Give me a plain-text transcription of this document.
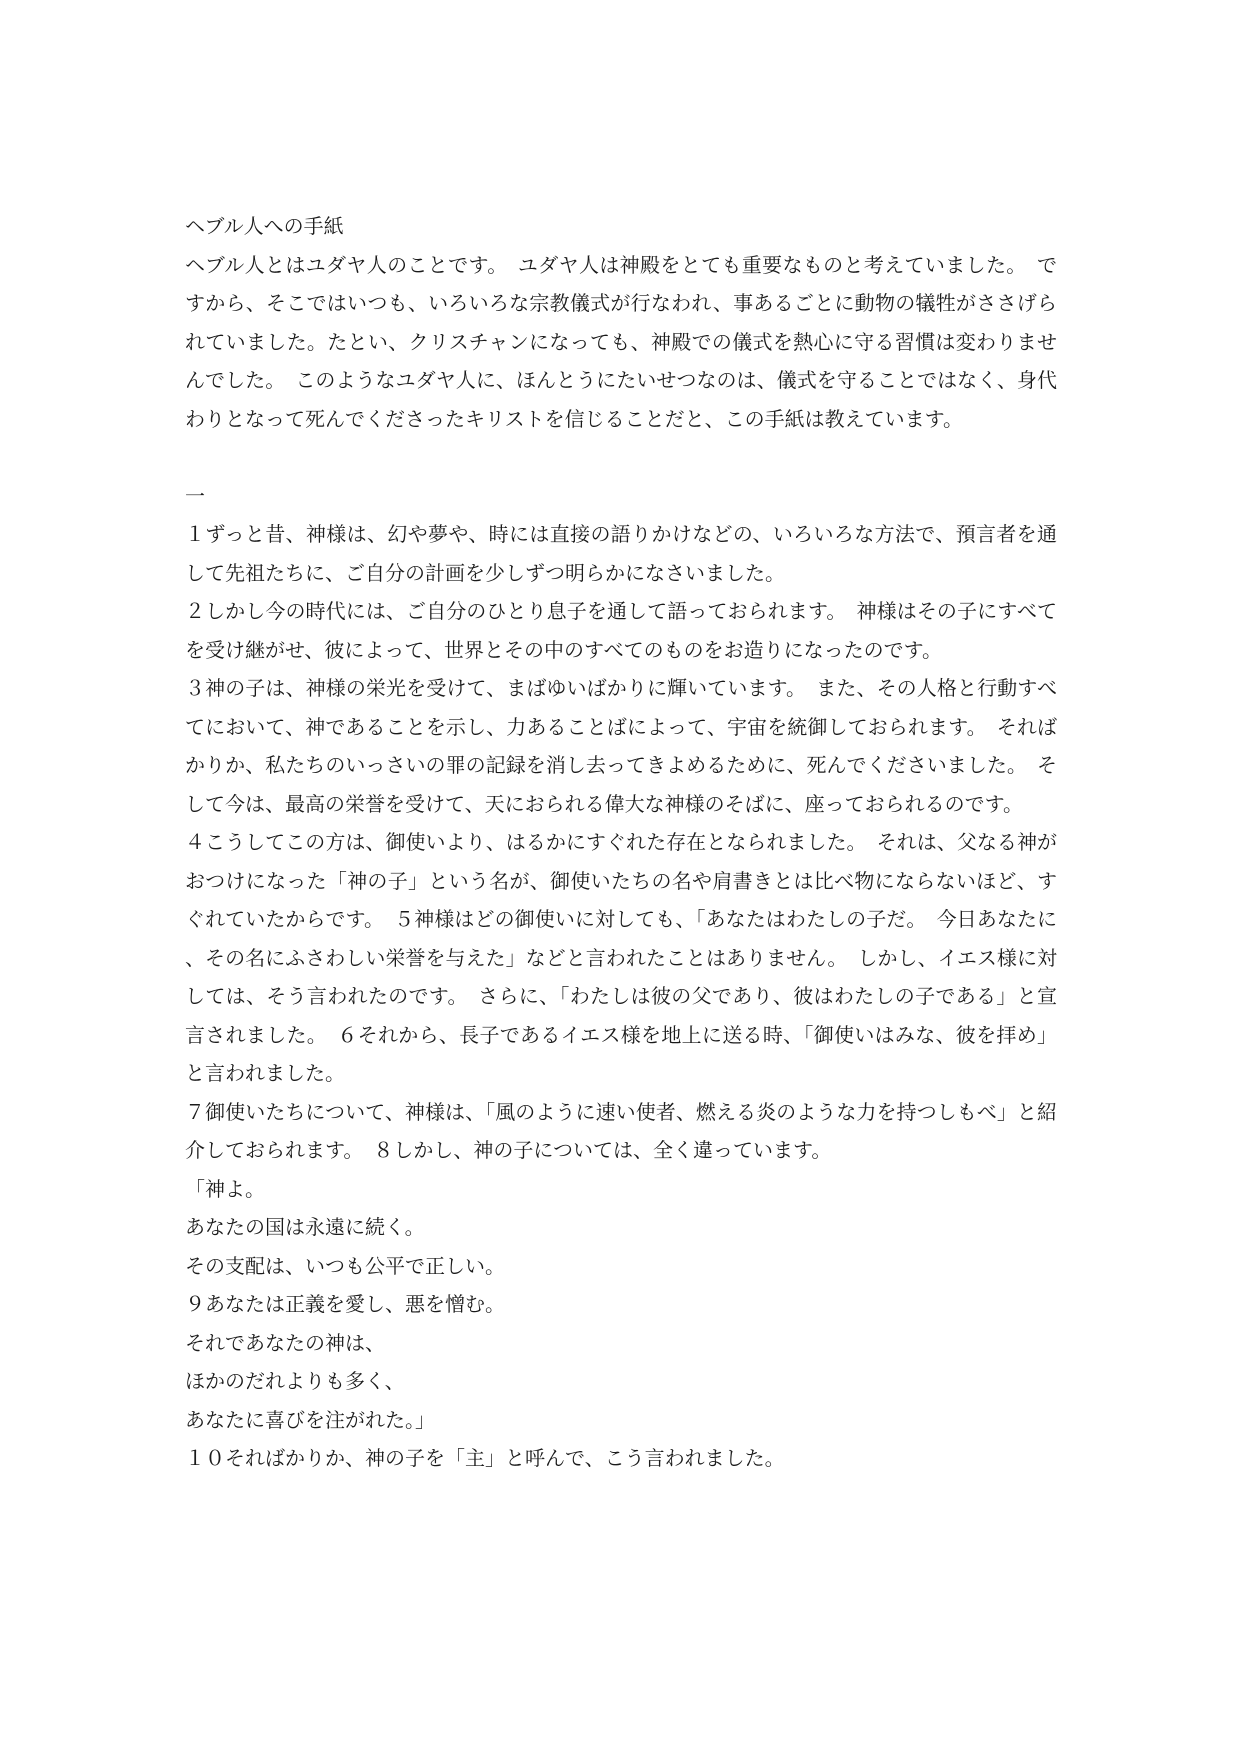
ヘブル人への手紙

ヘブル人とはユダヤ人のことです。　ユダヤ人は神殿をとても重要なものと考えていました。　ですから、そこではいつも、いろいろな宗教儀式が行なわれ、事あるごとに動物の犠牲がささげられていました。たとい、クリスチャンになっても、神殿での儀式を熱心に守る習慣は変わりませんでした。　このようなユダヤ人に、ほんとうにたいせつなのは、儀式を守ることではなく、身代わりとなって死んでくださったキリストを信じることだと、この手紙は教えています。

一

１ずっと昔、神様は、幻や夢や、時には直接の語りかけなどの、いろいろな方法で、預言者を通して先祖たちに、ご自分の計画を少しずつ明らかになさいました。

２しかし今の時代には、ご自分のひとり息子を通して語っておられます。　神様はその子にすべてを受け継がせ、彼によって、世界とその中のすべてのものをお造りになったのです。

３神の子は、神様の栄光を受けて、まばゆいばかりに輝いています。　また、その人格と行動すべてにおいて、神であることを示し、力あることばによって、宇宙を統御しておられます。　それ​ばかりか、私たちのいっさいの罪の記録を消し去ってきよめるために、死んでくださいました。　そして今は、最高の栄誉を受けて、天におられる偉大な神様のそばに、座っておられるのです。

４こうしてこの方は、御使いより、はるかにすぐれた存在となられました。　それは、父なる神がおつけになった「神の子」という名が、御使いたちの名や肩書きとは比べ物にならないほど、すぐれていたからです。　５神様はどの御使いに対しても、「あなたはわたしの子だ。　今日あなたに、その名にふさわしい栄誉を与えた」などと言われたことはありません。　しかし、イエス様に対しては、そう言われたのです。　さらに、「わたしは彼の父であり、彼はわたしの子である」と宣言されました。　６それから、長子であるイエス様を地上に送る時、「御使いはみな、彼を拝め」と言われました。

７御使いたちについて、神様は、「風のように速い使者、燃える炎のような力を持つしもべ」と紹介しておられます。　８しかし、神の子については、全く違っています。

「神よ。

あなたの国は永遠に続く。

その支配は、いつも公平で正しい。

９あなたは正義を愛し、悪を憎む。

それであなたの神は、

ほかのだれよりも多く、

あなたに喜びを注がれた。」

１０そればかりか、神の子を「主」と呼んで、こう言われました。
